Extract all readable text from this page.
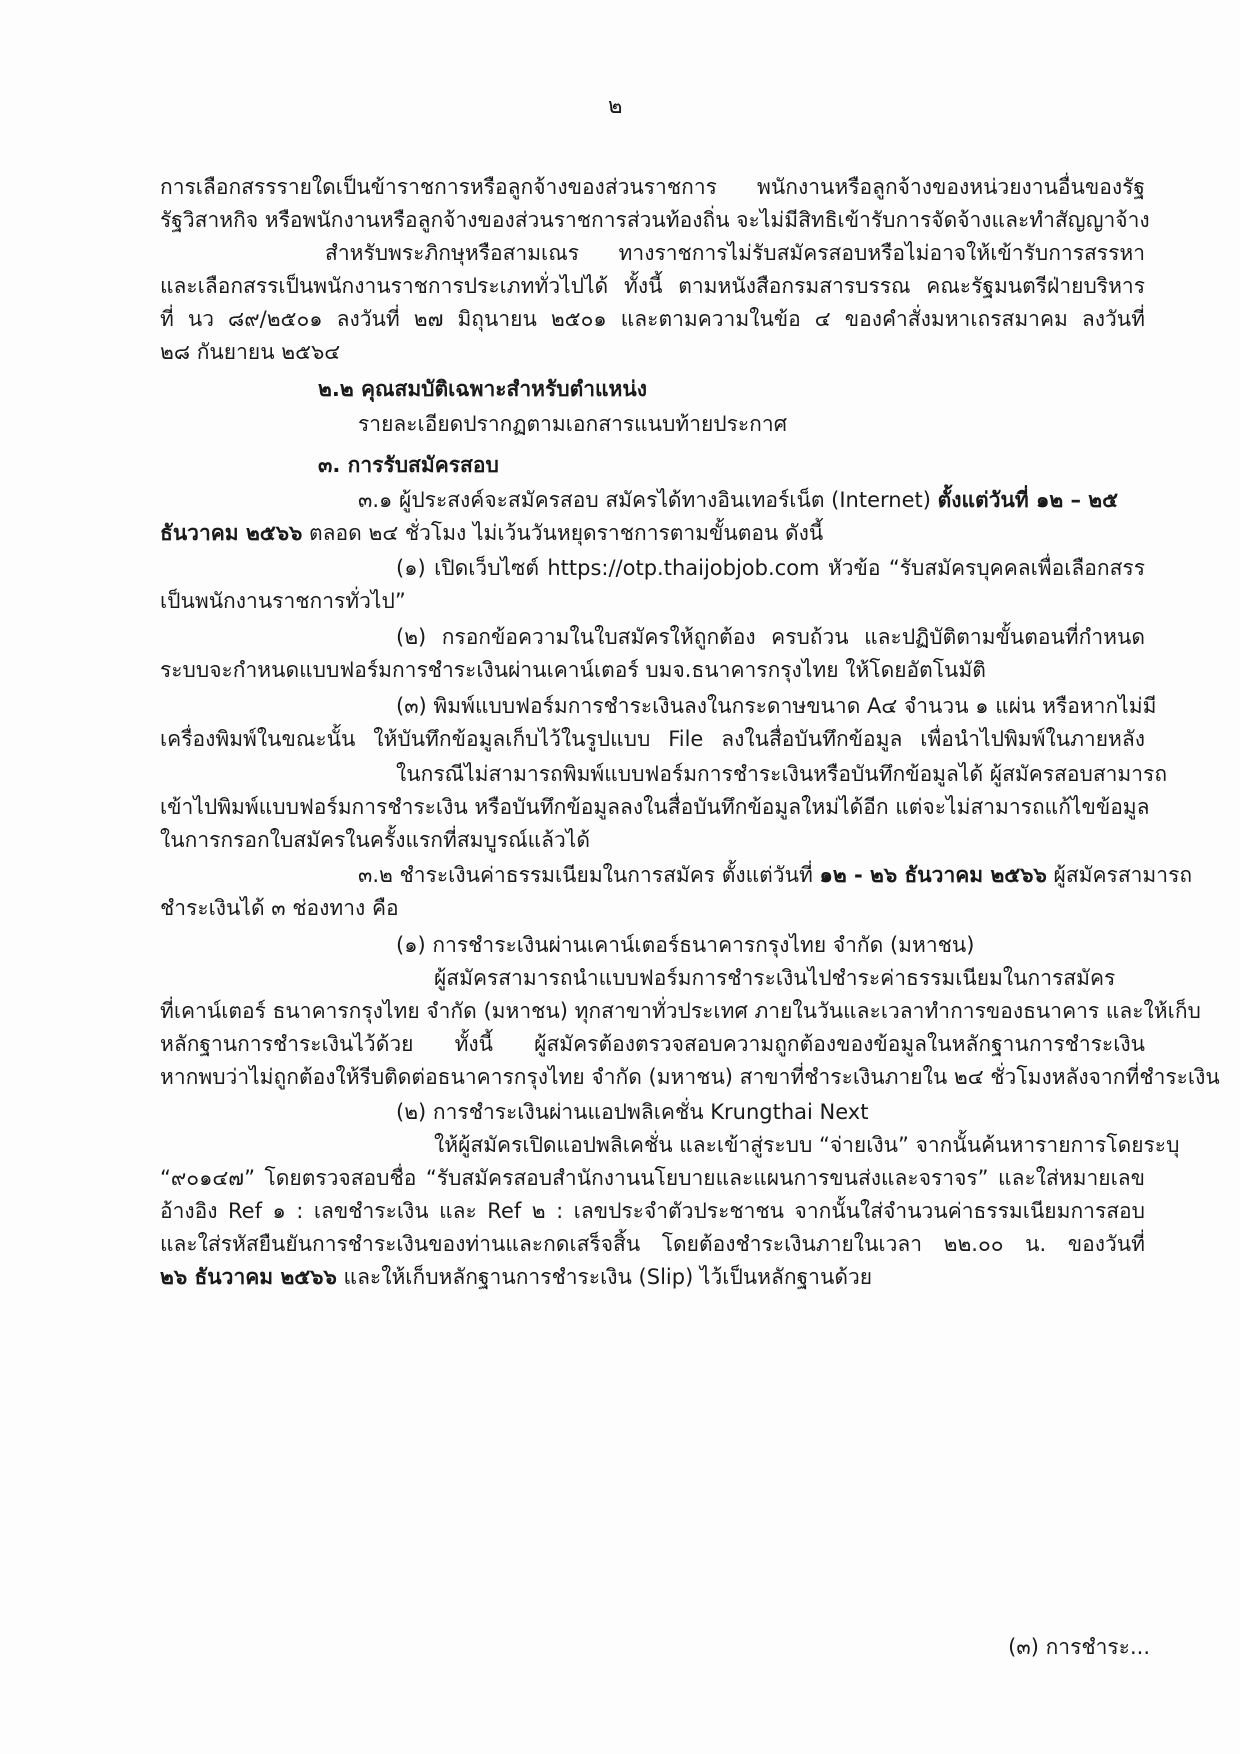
๒
การเลือกสรรรายใดเป็นข้าราชการหรือลูกจ้างของส่วนราชการ พนักงานหรือลูกจ้างของหน่วยงานอื่นของรัฐ
รัฐวิสาหกิจ หรือพนักงานหรือลูกจ้างของส่วนราชการส่วนท้องถิ่น จะไม่มีสิทธิเข้ารับการจัดจ้างและทำสัญญาจ้าง
สำหรับพระภิกษุหรือสามเณร ทางราชการไม่รับสมัครสอบหรือไม่อาจให้เข้ารับการสรรหา
และเลือกสรรเป็นพนักงานราชการประเภททั่วไปได้ ทั้งนี้ ตามหนังสือกรมสารบรรณ คณะรัฐมนตรีฝ่ายบริหาร
ที่ นว ๘๙/๒๕๐๑ ลงวันที่ ๒๗ มิถุนายน ๒๕๐๑ และตามความในข้อ ๔ ของคำสั่งมหาเถรสมาคม ลงวันที่
๒๘ กันยายน ๒๕๖๔
๒.๒ คุณสมบัติเฉพาะสำหรับตำแหน่ง
รายละเอียดปรากฏตามเอกสารแนบท้ายประกาศ
๓. การรับสมัครสอบ
๓.๑ ผู้ประสงค์จะสมัครสอบ สมัครได้ทางอินเทอร์เน็ต (Internet) ตั้งแต่วันที่ ๑๒ – ๒๕
ธันวาคม ๒๕๖๖ ตลอด ๒๔ ชั่วโมง ไม่เว้นวันหยุดราชการตามขั้นตอน ดังนี้
(๑) เปิดเว็บไซต์ https://otp.thaijobjob.com หัวข้อ “รับสมัครบุคคลเพื่อเลือกสรร
เป็นพนักงานราชการทั่วไป”
(๒) กรอกข้อความในใบสมัครให้ถูกต้อง ครบถ้วน และปฏิบัติตามขั้นตอนที่กำหนด
ระบบจะกำหนดแบบฟอร์มการชำระเงินผ่านเคาน์เตอร์ บมจ.ธนาคารกรุงไทย ให้โดยอัตโนมัติ
(๓) พิมพ์แบบฟอร์มการชำระเงินลงในกระดาษขนาด A๔ จำนวน ๑ แผ่น หรือหากไม่มี
เครื่องพิมพ์ในขณะนั้น ให้บันทึกข้อมูลเก็บไว้ในรูปแบบ File ลงในสื่อบันทึกข้อมูล เพื่อนำไปพิมพ์ในภายหลัง
ในกรณีไม่สามารถพิมพ์แบบฟอร์มการชำระเงินหรือบันทึกข้อมูลได้ ผู้สมัครสอบสามารถ
เข้าไปพิมพ์แบบฟอร์มการชำระเงิน หรือบันทึกข้อมูลลงในสื่อบันทึกข้อมูลใหม่ได้อีก แต่จะไม่สามารถแก้ไขข้อมูล
ในการกรอกใบสมัครในครั้งแรกที่สมบูรณ์แล้วได้
๓.๒ ชำระเงินค่าธรรมเนียมในการสมัคร ตั้งแต่วันที่ ๑๒ - ๒๖ ธันวาคม ๒๕๖๖ ผู้สมัครสามารถ
ชำระเงินได้ ๓ ช่องทาง คือ
(๑) การชำระเงินผ่านเคาน์เตอร์ธนาคารกรุงไทย จำกัด (มหาชน)
ผู้สมัครสามารถนำแบบฟอร์มการชำระเงินไปชำระค่าธรรมเนียมในการสมัคร
ที่เคาน์เตอร์ ธนาคารกรุงไทย จำกัด (มหาชน) ทุกสาขาทั่วประเทศ ภายในวันและเวลาทำการของธนาคาร และให้เก็บ
หลักฐานการชำระเงินไว้ด้วย ทั้งนี้ ผู้สมัครต้องตรวจสอบความถูกต้องของข้อมูลในหลักฐานการชำระเงิน
หากพบว่าไม่ถูกต้องให้รีบติดต่อธนาคารกรุงไทย จำกัด (มหาชน) สาขาที่ชำระเงินภายใน ๒๔ ชั่วโมงหลังจากที่ชำระเงิน
(๒) การชำระเงินผ่านแอปพลิเคชั่น Krungthai Next
ให้ผู้สมัครเปิดแอปพลิเคชั่น และเข้าสู่ระบบ “จ่ายเงิน” จากนั้นค้นหารายการโดยระบุ
“๙๐๑๔๗” โดยตรวจสอบชื่อ “รับสมัครสอบสำนักงานนโยบายและแผนการขนส่งและจราจร” และใส่หมายเลข
อ้างอิง Ref ๑ : เลขชำระเงิน และ Ref ๒ : เลขประจำตัวประชาชน จากนั้นใส่จำนวนค่าธรรมเนียมการสอบ
และใส่รหัสยืนยันการชำระเงินของท่านและกดเสร็จสิ้น โดยต้องชำระเงินภายในเวลา ๒๒.๐๐ น. ของวันที่
๒๖ ธันวาคม ๒๕๖๖ และให้เก็บหลักฐานการชำระเงิน (Slip) ไว้เป็นหลักฐานด้วย
(๓) การชำระ...
